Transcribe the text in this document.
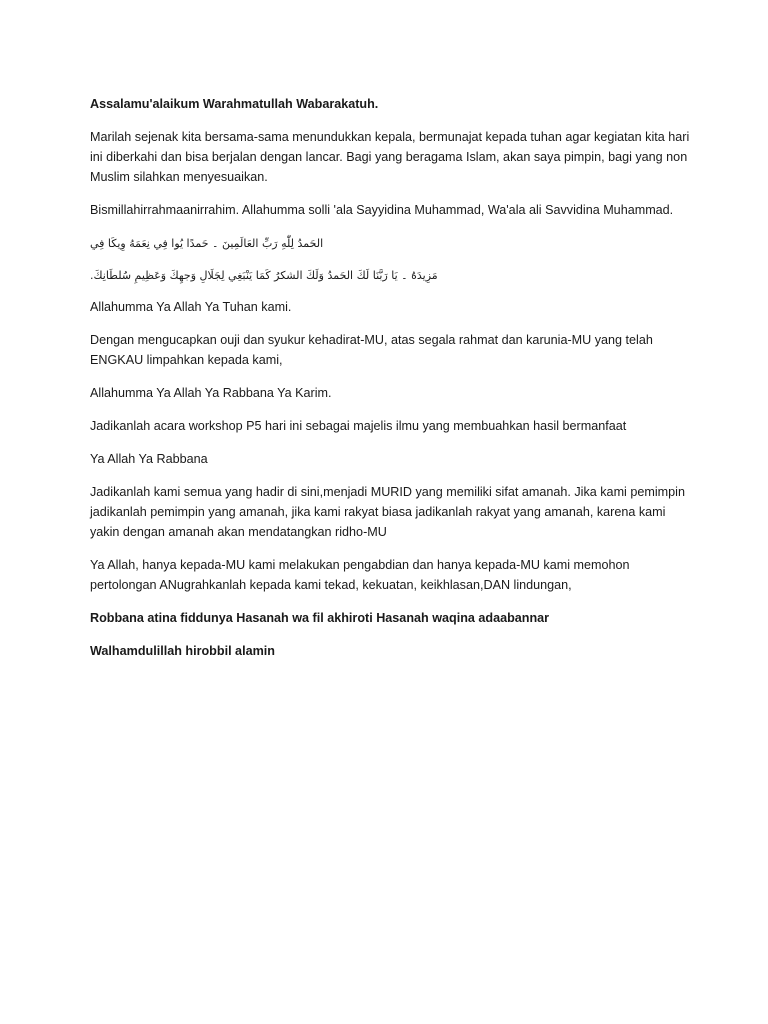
Assalamu'alaikum Warahmatullah Wabarakatuh.

Marilah sejenak kita bersama-sama menundukkan kepala, bermunajat kepada tuhan agar kegiatan kita hari ini diberkahi dan bisa berjalan dengan lancar. Bagi yang beragama Islam, akan saya pimpin, bagi yang non Muslim silahkan menyesuaikan.

Bismillahirrahmaanirrahim. Allahumma solli 'ala Sayyidina Muhammad, Wa'ala ali Savvidina Muhammad.

الحَمدُ لِلّٰهِ رَبِّ العَالَمِينَ ۔ حَمدًا يُوا فِي نِعَمَهُ وِيكَا فِي

مَزِيدَهُ ۔ يَا رَبَّنَا لَكَ الحَمدُ وَلَكَ الشكرُ كَمَا يَنْبَغِي لِجَلَالِ وَجهِكَ وَعَظِيمِ سُلطَانِكَ.

Allahumma Ya Allah Ya Tuhan kami.

Dengan mengucapkan ouji dan syukur kehadirat-MU, atas segala rahmat dan karunia-MU yang telah ENGKAU limpahkan kepada kami,

Allahumma Ya Allah Ya Rabbana Ya Karim.

Jadikanlah acara workshop P5 hari ini sebagai majelis ilmu yang membuahkan hasil bermanfaat

Ya Allah Ya Rabbana

Jadikanlah kami semua yang hadir di sini,menjadi MURID yang memiliki sifat amanah. Jika kami pemimpin jadikanlah pemimpin yang amanah, jika kami rakyat biasa jadikanlah rakyat yang amanah, karena kami yakin dengan amanah akan mendatangkan ridho-MU

Ya Allah, hanya kepada-MU kami melakukan pengabdian dan hanya kepada-MU kami memohon pertolongan ANugrahkanlah kepada kami tekad, kekuatan, keikhlasan,DAN lindungan,

Robbana atina fiddunya Hasanah wa fil akhiroti Hasanah waqina adaabannar

Walhamdulillah hirobbil alamin
